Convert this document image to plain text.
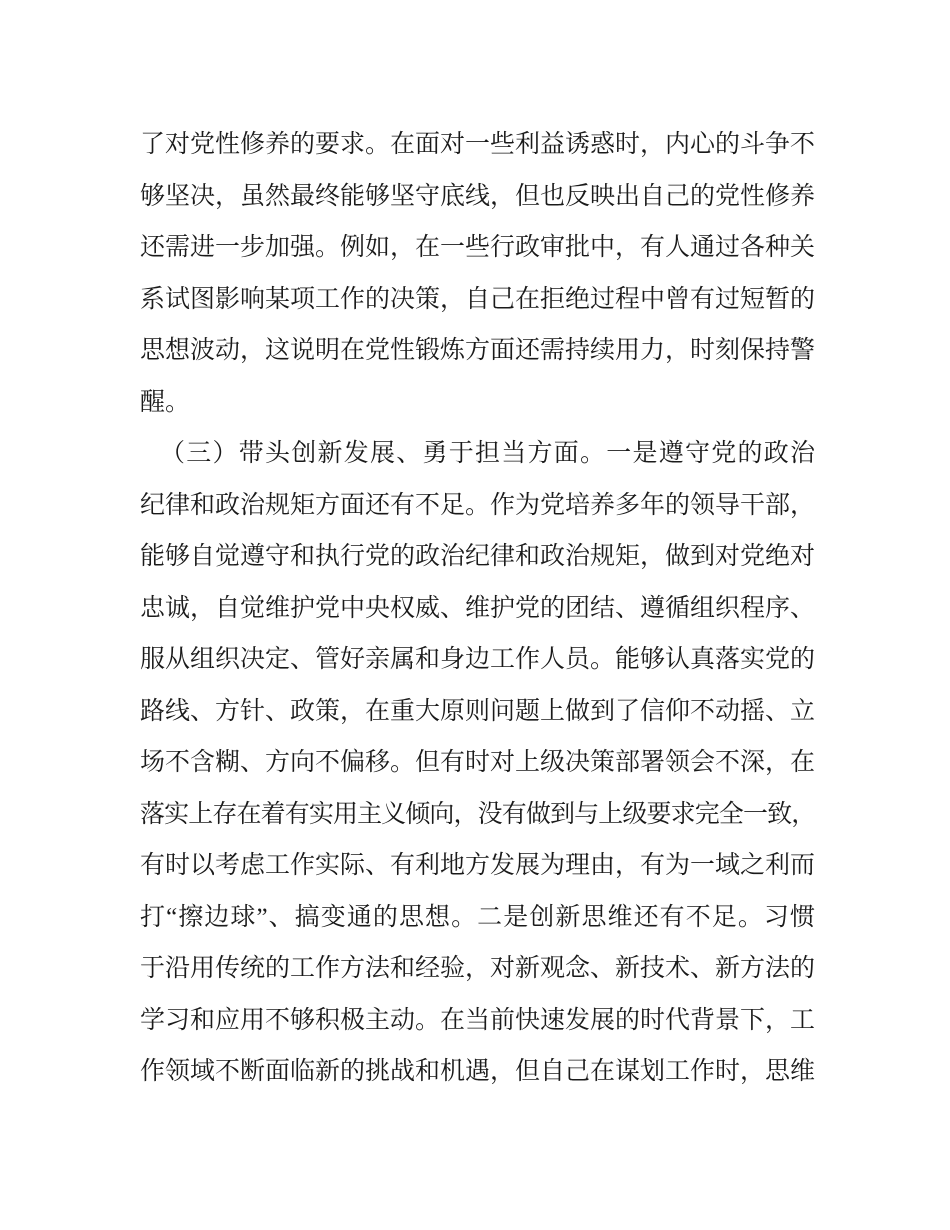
了对党性修养的要求。在面对一些利益诱惑时，内心的斗争不
够坚决，虽然最终能够坚守底线，但也反映出自己的党性修养
还需进一步加强。例如，在一些行政审批中，有人通过各种关
系试图影响某项工作的决策，自己在拒绝过程中曾有过短暂的
思想波动，这说明在党性锻炼方面还需持续用力，时刻保持警
醒。
（三）带头创新发展、勇于担当方面。一是遵守党的政治
纪律和政治规矩方面还有不足。作为党培养多年的领导干部，
能够自觉遵守和执行党的政治纪律和政治规矩，做到对党绝对
忠诚，自觉维护党中央权威、维护党的团结、遵循组织程序、
服从组织决定、管好亲属和身边工作人员。能够认真落实党的
路线、方针、政策，在重大原则问题上做到了信仰不动摇、立
场不含糊、方向不偏移。但有时对上级决策部署领会不深，在
落实上存在着有实用主义倾向，没有做到与上级要求完全一致，
有时以考虑工作实际、有利地方发展为理由，有为一域之利而
打“擦边球”、搞变通的思想。二是创新思维还有不足。习惯
于沿用传统的工作方法和经验，对新观念、新技术、新方法的
学习和应用不够积极主动。在当前快速发展的时代背景下，工
作领域不断面临新的挑战和机遇，但自己在谋划工作时，思维
